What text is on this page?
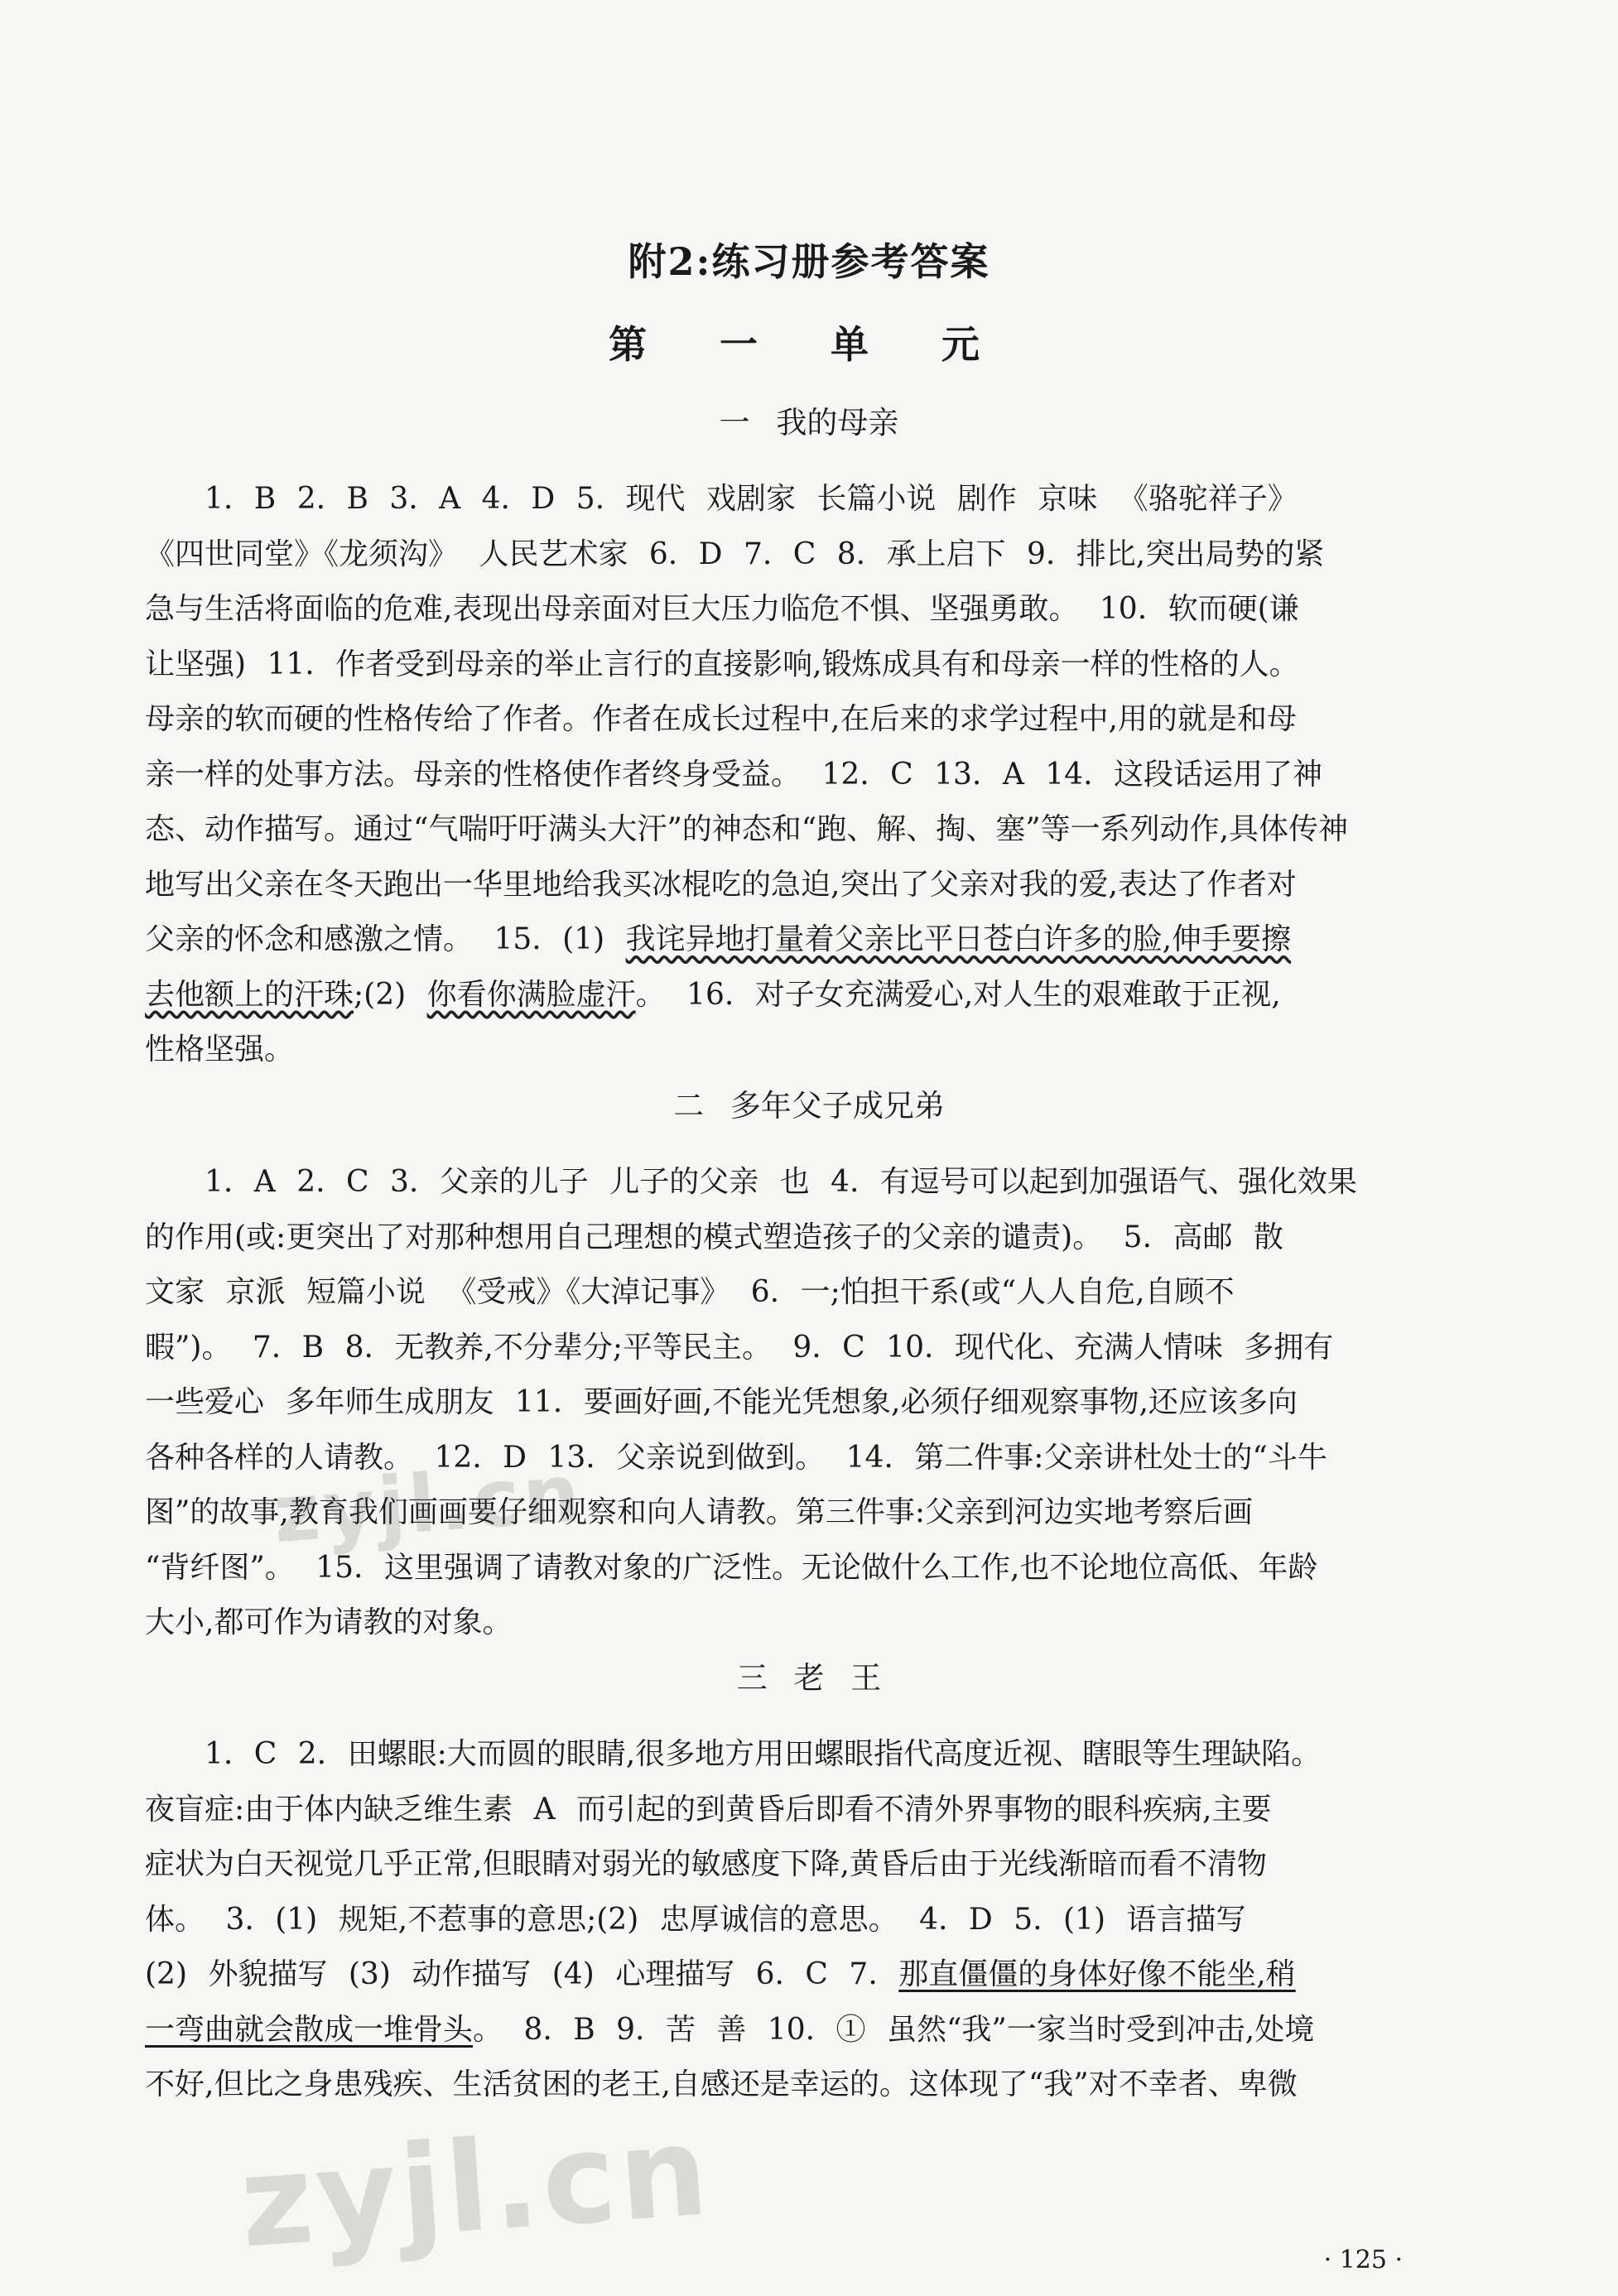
附2:练习册参考答案
第 一 单 元
一 我的母亲
1. B 2. B 3. A 4. D 5. 现代 戏剧家 长篇小说 剧作 京味 《骆驼祥子》
《四世同堂》《龙须沟》 人民艺术家 6. D 7. C 8. 承上启下 9. 排比,突出局势的紧
急与生活将面临的危难,表现出母亲面对巨大压力临危不惧、坚强勇敢。 10. 软而硬(谦
让坚强) 11. 作者受到母亲的举止言行的直接影响,锻炼成具有和母亲一样的性格的人。
母亲的软而硬的性格传给了作者。作者在成长过程中,在后来的求学过程中,用的就是和母
亲一样的处事方法。母亲的性格使作者终身受益。 12. C 13. A 14. 这段话运用了神
态、动作描写。通过“气喘吁吁满头大汗”的神态和“跑、解、掏、塞”等一系列动作,具体传神
地写出父亲在冬天跑出一华里地给我买冰棍吃的急迫,突出了父亲对我的爱,表达了作者对
父亲的怀念和感激之情。 15. (1) 我诧异地打量着父亲比平日苍白许多的脸,伸手要擦
去他额上的汗珠;(2) 你看你满脸虚汗。 16. 对子女充满爱心,对人生的艰难敢于正视,
性格坚强。
二 多年父子成兄弟
1. A 2. C 3. 父亲的儿子 儿子的父亲 也 4. 有逗号可以起到加强语气、强化效果
的作用(或:更突出了对那种想用自己理想的模式塑造孩子的父亲的谴责)。 5. 高邮 散
文家 京派 短篇小说 《受戒》《大淖记事》 6. 一;怕担干系(或“人人自危,自顾不
暇”)。 7. B 8. 无教养,不分辈分;平等民主。 9. C 10. 现代化、充满人情味 多拥有
一些爱心 多年师生成朋友 11. 要画好画,不能光凭想象,必须仔细观察事物,还应该多向
各种各样的人请教。 12. D 13. 父亲说到做到。 14. 第二件事:父亲讲杜处士的“斗牛
图”的故事,教育我们画画要仔细观察和向人请教。第三件事:父亲到河边实地考察后画
“背纤图”。 15. 这里强调了请教对象的广泛性。无论做什么工作,也不论地位高低、年龄
大小,都可作为请教的对象。
三 老 王
1. C 2. 田螺眼:大而圆的眼睛,很多地方用田螺眼指代高度近视、瞎眼等生理缺陷。
夜盲症:由于体内缺乏维生素 A 而引起的到黄昏后即看不清外界事物的眼科疾病,主要
症状为白天视觉几乎正常,但眼睛对弱光的敏感度下降,黄昏后由于光线渐暗而看不清物
体。 3. (1) 规矩,不惹事的意思;(2) 忠厚诚信的意思。 4. D 5. (1) 语言描写
(2) 外貌描写 (3) 动作描写 (4) 心理描写 6. C 7. 那直僵僵的身体好像不能坐,稍
一弯曲就会散成一堆骨头。 8. B 9. 苦 善 10. ① 虽然“我”一家当时受到冲击,处境
不好,但比之身患残疾、生活贫困的老王,自感还是幸运的。这体现了“我”对不幸者、卑微
· 125 ·
zyjl.cn
zyjl.cn
